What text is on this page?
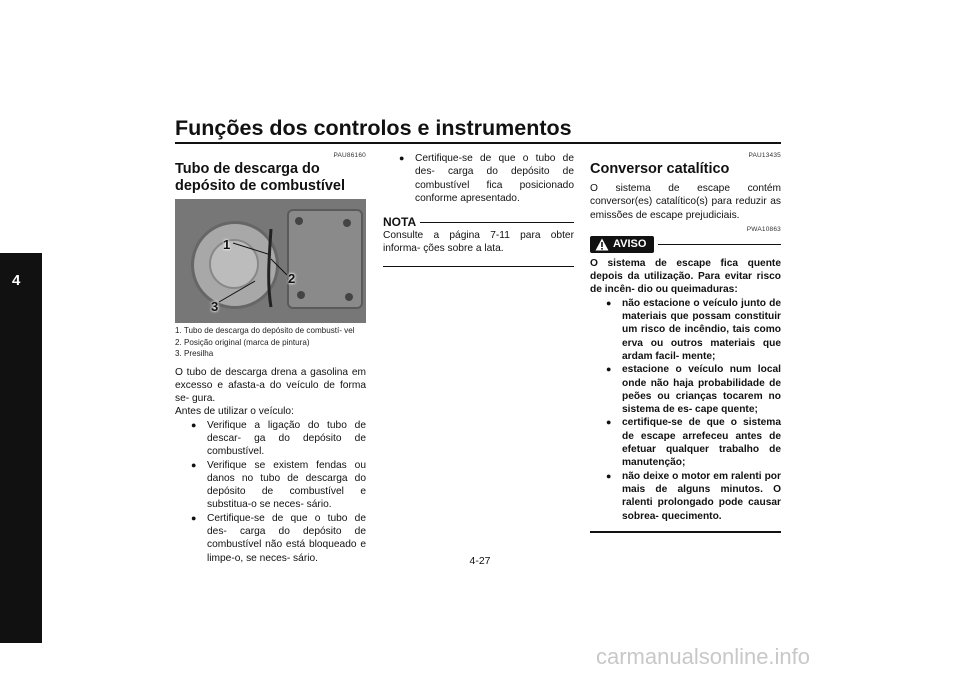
Funções dos controlos e instrumentos
4
PAU86160
Tubo de descarga do depósito de combustível
1
2
3
1. Tubo de descarga do depósito de combustí- vel
2. Posição original (marca de pintura)
3. Presilha
O tubo de descarga drena a gasolina em excesso e afasta-a do veículo de forma se- gura.
Antes de utilizar o veículo:
●	Verifique a ligação do tubo de descar- ga do depósito de combustível.
●	Verifique se existem fendas ou danos no tubo de descarga do depósito de combustível e substitua-o se neces- sário.
●	Certifique-se de que o tubo de des- carga do depósito de combustível não está bloqueado e limpe-o, se neces- sário.
●	Certifique-se de que o tubo de des- carga do depósito de combustível fica posicionado conforme apresentado.
NOTA
Consulte a página 7-11 para obter informa- ções sobre a lata.
PAU13435
Conversor catalítico
O sistema de escape contém conversor(es) catalítico(s) para reduzir as emissões de escape prejudiciais.
PWA10863
AVISO
O sistema de escape fica quente depois da utilização. Para evitar risco de incên- dio ou queimaduras:
●	não estacione o veículo junto de materiais que possam constituir um risco de incêndio, tais como erva ou outros materiais que ardam facil- mente;
●	estacione o veículo num local onde não haja probabilidade de peões ou crianças tocarem no sistema de es- cape quente;
●	certifique-se de que o sistema de escape arrefeceu antes de efetuar qualquer trabalho de manutenção;
●	não deixe o motor em ralenti por mais de alguns minutos. O ralenti prolongado pode causar sobrea- quecimento.
4-27
carmanualsonline.info
